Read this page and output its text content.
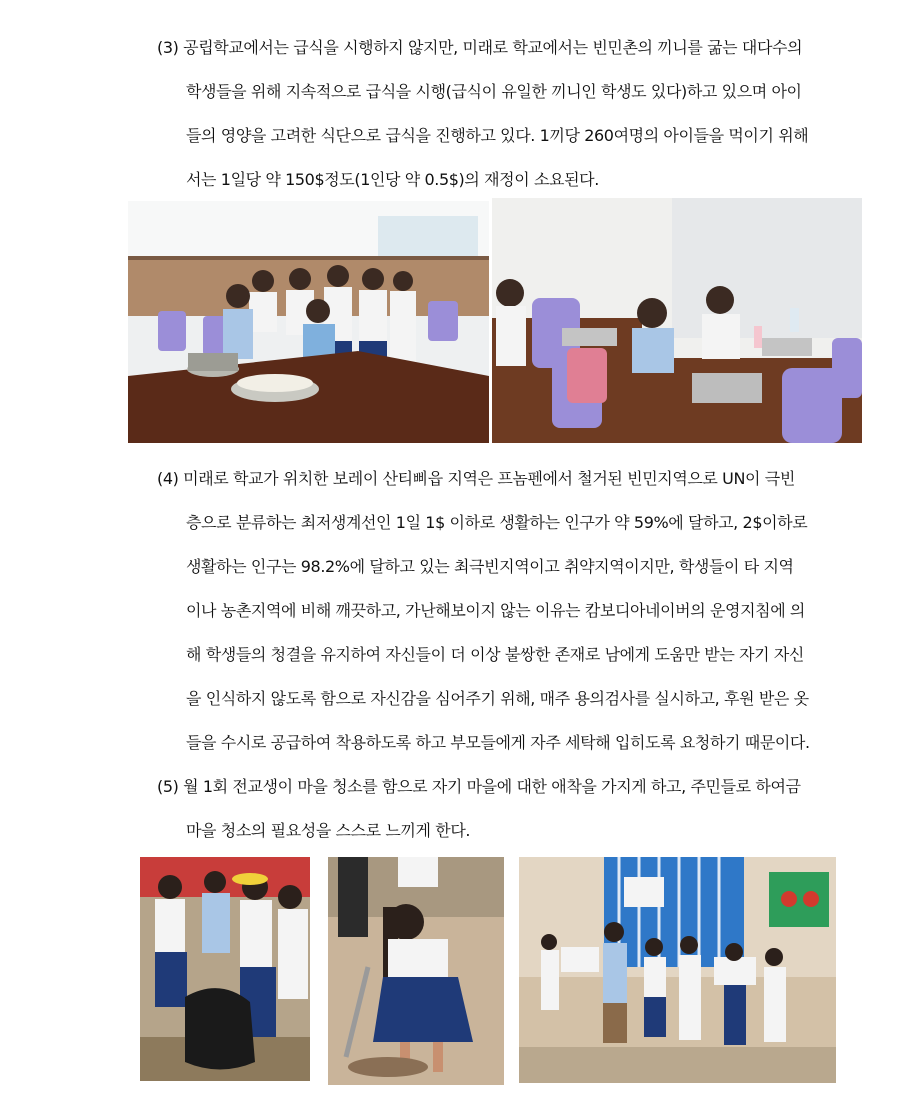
(3) 공립학교에서는 급식을 시행하지 않지만, 미래로 학교에서는 빈민촌의 끼니를 굶는 대다수의
학생들을 위해 지속적으로 급식을 시행(급식이 유일한 끼니인 학생도 있다)하고 있으며 아이
들의 영양을 고려한 식단으로 급식을 진행하고 있다. 1끼당 260여명의 아이들을 먹이기 위해
서는 1일당 약 150$정도(1인당 약 0.5$)의 재정이 소요된다.
(4) 미래로 학교가 위치한 보레이 산티삐읍 지역은 프놈펜에서 철거된 빈민지역으로 UN이 극빈
층으로 분류하는 최저생계선인 1일 1$ 이하로 생활하는 인구가 약 59%에 달하고, 2$이하로
생활하는 인구는 98.2%에 달하고 있는 최극빈지역이고 취약지역이지만, 학생들이 타 지역
이나 농촌지역에 비해 깨끗하고, 가난해보이지 않는 이유는 캄보디아네이버의 운영지침에 의
해 학생들의 청결을 유지하여 자신들이 더 이상 불쌍한 존재로 남에게 도움만 받는 자기 자신
을 인식하지 않도록 함으로 자신감을 심어주기 위해, 매주 용의검사를 실시하고, 후원 받은 옷
들을 수시로 공급하여 착용하도록 하고 부모들에게 자주 세탁해 입히도록 요청하기 때문이다.
(5) 월 1회 전교생이 마을 청소를 함으로 자기 마을에 대한 애착을 가지게 하고, 주민들로 하여금
마을 청소의 필요성을 스스로 느끼게 한다.
